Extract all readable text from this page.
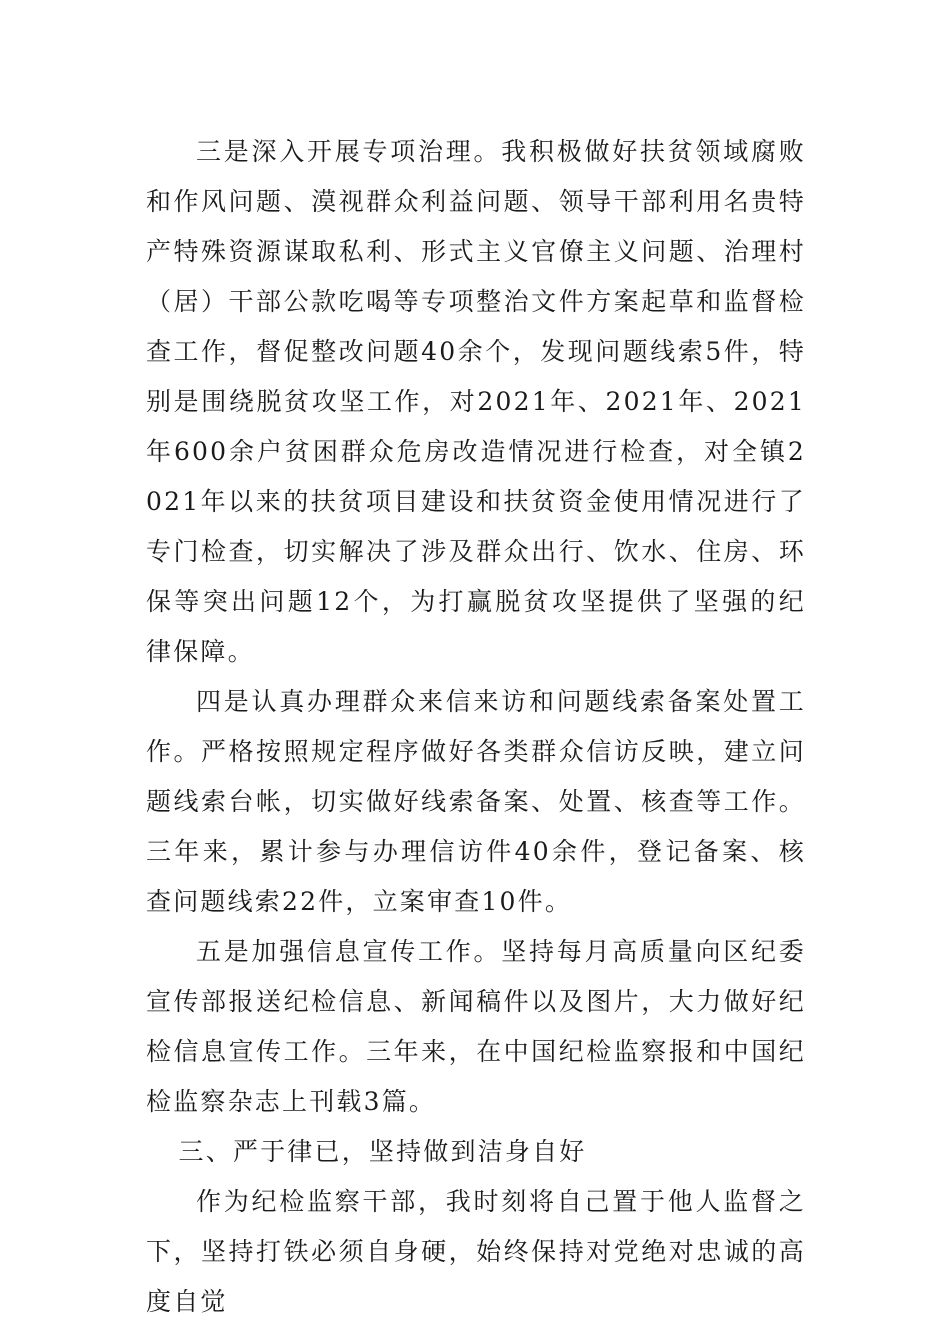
三是深入开展专项治理。我积极做好扶贫领域腐败和作风问题、漠视群众利益问题、领导干部利用名贵特产特殊资源谋取私利、形式主义官僚主义问题、治理村（居）干部公款吃喝等专项整治文件方案起草和监督检查工作，督促整改问题40余个，发现问题线索5件，特别是围绕脱贫攻坚工作，对2021年、2021年、2021年600余户贫困群众危房改造情况进行检查，对全镇2021年以来的扶贫项目建设和扶贫资金使用情况进行了专门检查，切实解决了涉及群众出行、饮水、住房、环保等突出问题12个，为打赢脱贫攻坚提供了坚强的纪律保障。

四是认真办理群众来信来访和问题线索备案处置工作。严格按照规定程序做好各类群众信访反映，建立问题线索台帐，切实做好线索备案、处置、核查等工作。三年来，累计参与办理信访件40余件，登记备案、核查问题线索22件，立案审查10件。

五是加强信息宣传工作。坚持每月高质量向区纪委宣传部报送纪检信息、新闻稿件以及图片，大力做好纪检信息宣传工作。三年来，在中国纪检监察报和中国纪检监察杂志上刊载3篇。

三、严于律已，坚持做到洁身自好

作为纪检监察干部，我时刻将自己置于他人监督之下，坚持打铁必须自身硬，始终保持对党绝对忠诚的高度自觉
